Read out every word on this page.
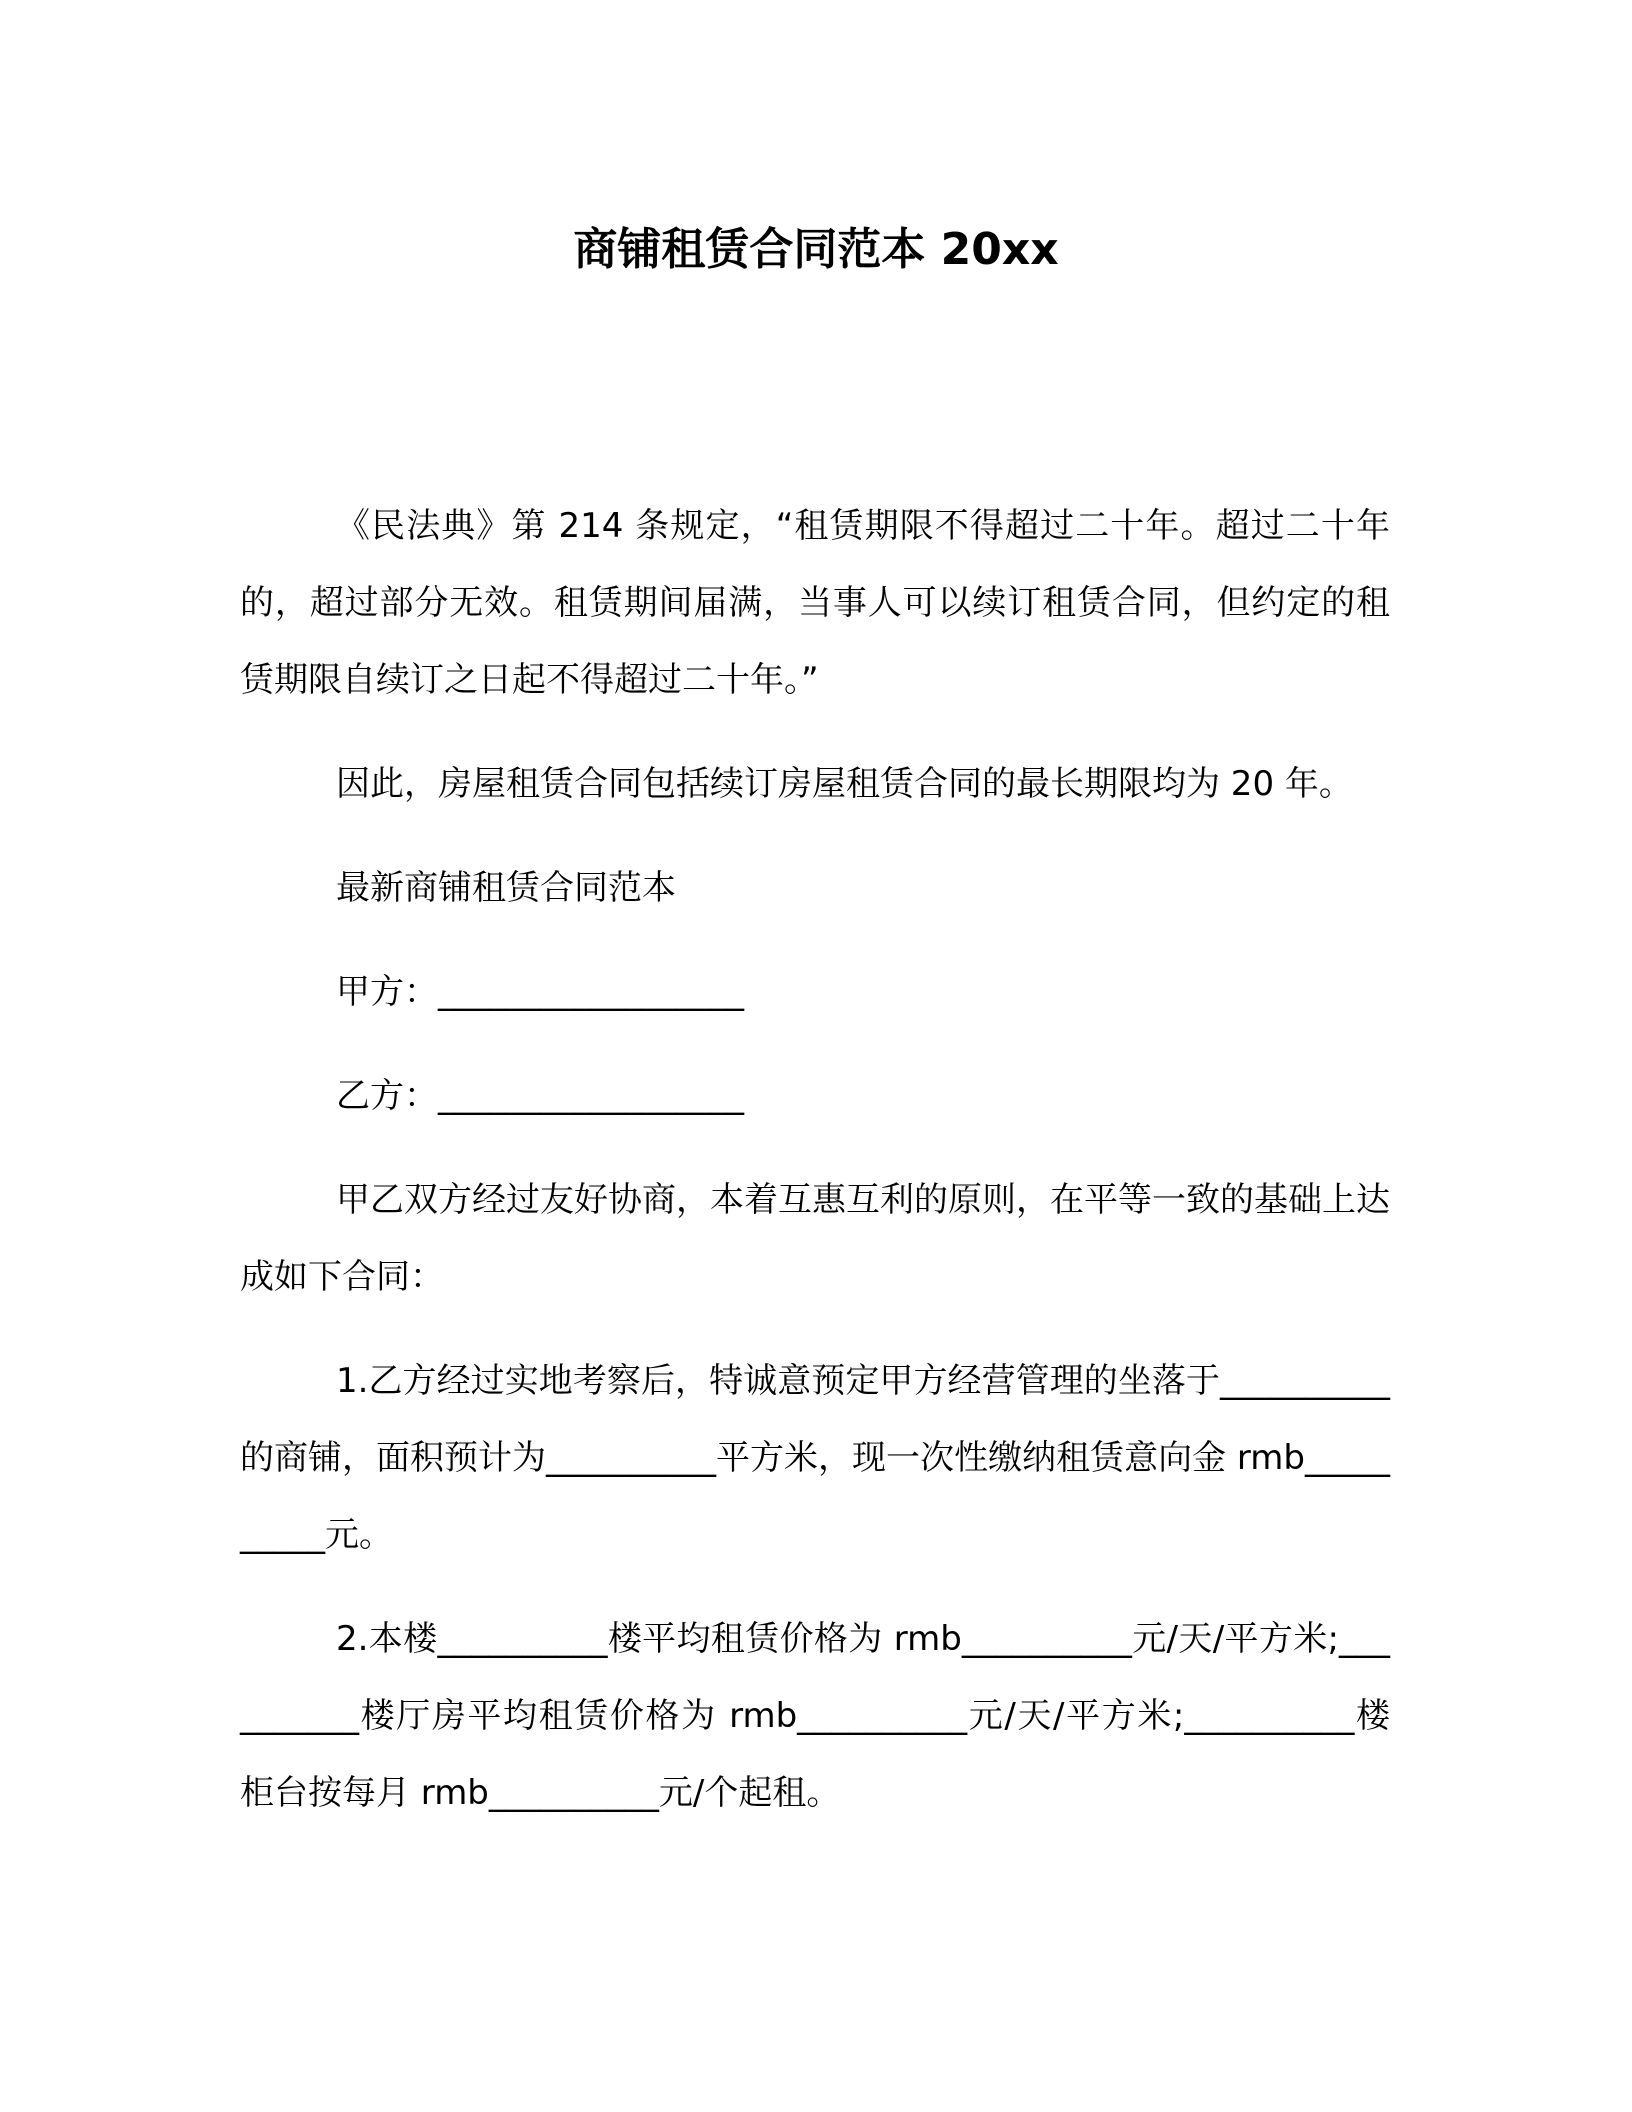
商铺租赁合同范本 20xx

《民法典》第 214 条规定，“租赁期限不得超过二十年。超过二十年的，超过部分无效。租赁期间届满，当事人可以续订租赁合同，但约定的租赁期限自续订之日起不得超过二十年。”

因此，房屋租赁合同包括续订房屋租赁合同的最长期限均为 20 年。

最新商铺租赁合同范本

甲方：__________________

乙方：__________________

甲乙双方经过友好协商，本着互惠互利的原则，在平等一致的基础上达成如下合同：

1.乙方经过实地考察后，特诚意预定甲方经营管理的坐落于__________的商铺，面积预计为__________平方米，现一次性缴纳租赁意向金 rmb__________元。

2.本楼__________楼平均租赁价格为 rmb__________元/天/平方米;__________楼厅房平均租赁价格为 rmb__________元/天/平方米;__________楼柜台按每月 rmb__________元/个起租。
